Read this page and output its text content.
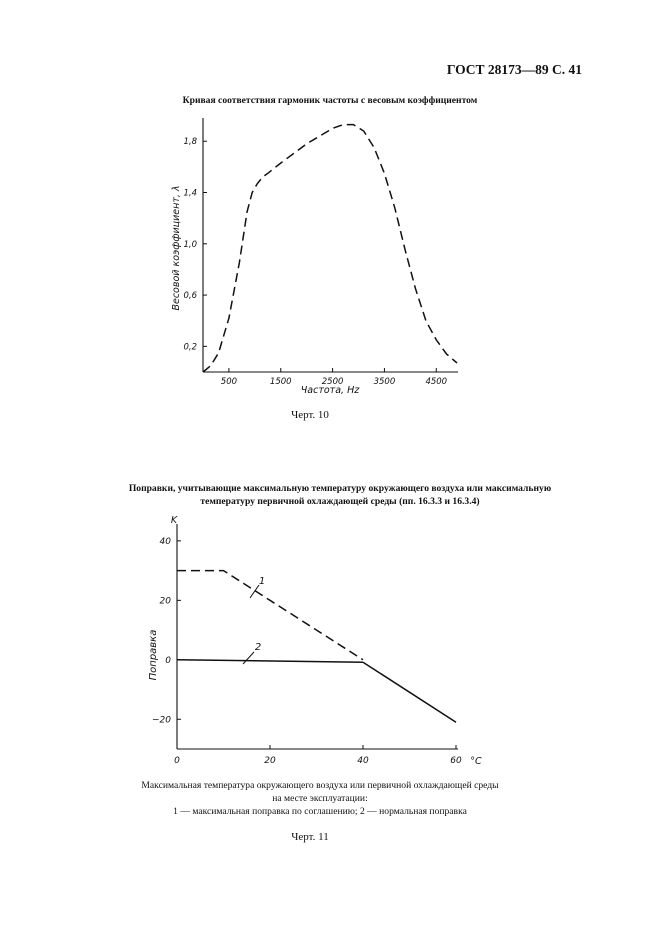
ГОСТ 28173—89 С. 41
Кривая соответствия гармоник частоты с весовым коэффициентом
500	1500	2500	3500	4500
0,2
0,6
1,0
1,4
1,8
Частота, Hz
Весовой коэффициент, λ
0	20	40	60
−20
0
20
40
°C
K
Поправка
1
2
Черт. 10
Поправки, учитывающие максимальную температуру окружающего воздуха или максимальную
температуру первичной охлаждающей среды (пп. 16.3.3 и 16.3.4)
Максимальная температура окружающего воздуха или первичной охлаждающей среды
на месте эксплуатации:
1 — максимальная поправка по соглашению; 2 — нормальная поправка
Черт. 11
